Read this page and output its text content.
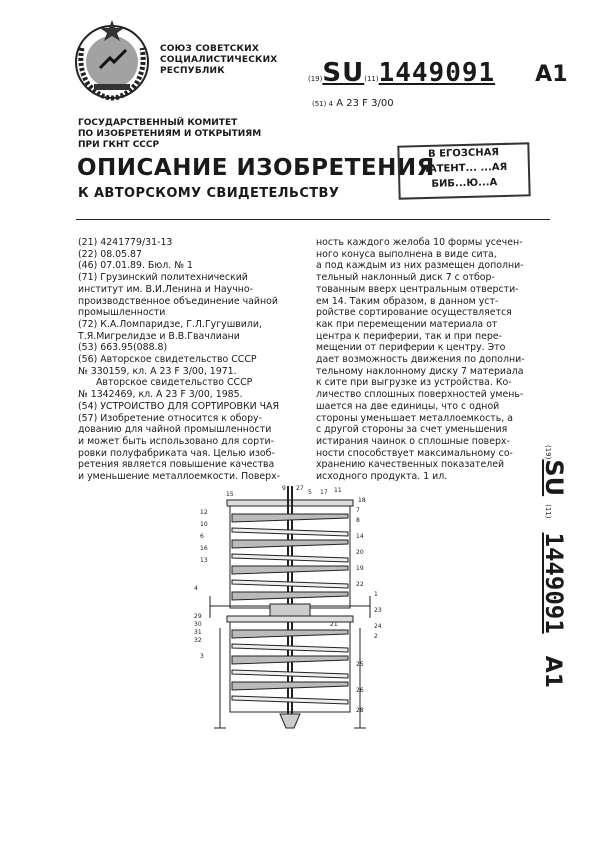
СОЮЗ СОВЕТСКИХ
СОЦИАЛИСТИЧЕСКИХ
РЕСПУБЛИК
(19) SU (11) 1449091 A1
(51) 4 A 23 F 3/00
ГОСУДАРСТВЕННЫЙ КОМИТЕТ
ПО ИЗОБРЕТЕНИЯМ И ОТКРЫТИЯМ
ПРИ ГКНТ СССР
ОПИСАНИЕ ИЗОБРЕТЕНИЯ
К АВТОРСКОМУ СВИДЕТЕЛЬСТВУ
В ЕГОЗСНАЯ
ПАТЕНТ... ...АЯ
БИБ...Ю...А
(21) 4241779/31-13
(22) 08.05.87
(46) 07.01.89. Бюл. № 1
(71) Грузинский политехнический
институт им. В.И.Ленина и Научно-
производственное объединение чайной
промышленности
(72) К.А.Ломпаридзе, Г.Л.Гугушвили,
Т.Я.Мигрелидзе и В.В.Гвачлиани
(53) 663.95(088.8)
(56) Авторское свидетельство СССР
№ 330159, кл. А 23 F 3/00, 1971.
Авторское свидетельство СССР
№ 1342469, кл. А 23 F 3/00, 1985.
(54) УСТРОЙСТВО ДЛЯ СОРТИРОВКИ ЧАЯ
(57) Изобретение относится к обору-
дованию для чайной промышленности
и может быть использовано для сорти-
ровки полуфабриката чая. Целью изоб-
ретения является повышение качества
и уменьшение металлоемкости. Поверх-
ность каждого желоба 10 формы усечен-
ного конуса выполнена в виде сита,
а под каждым из них размещен дополни-
тельный наклонный диск 7 с отбор-
тованным вверх центральным отверсти-
ем 14. Таким образом, в данном уст-
ройстве сортирование осуществляется
как при перемещении материала от
центра к периферии, так и при пере-
мещении от периферии к центру. Это
дает возможность движения по дополни-
тельному наклонному диску 7 материала
к сите при выгрузке из устройства. Ко-
личество сплошных поверхностей умень-
шается на две единицы, что с одной
стороны уменьшает металлоемкость, а
с другой стороны за счет уменьшения
истирания чаинок о сплошные поверх-
ности способствует максимальному со-
хранению качественных показателей
исходного продукта. 1 ил.
(19)
SU
(11)
1449091
A1
15
9 27
5 17 11
18
7
8
12
10
6
16
13
14
20
19
4
22
1
23
24
21
2
3
25
26
28
29
30
31
32
